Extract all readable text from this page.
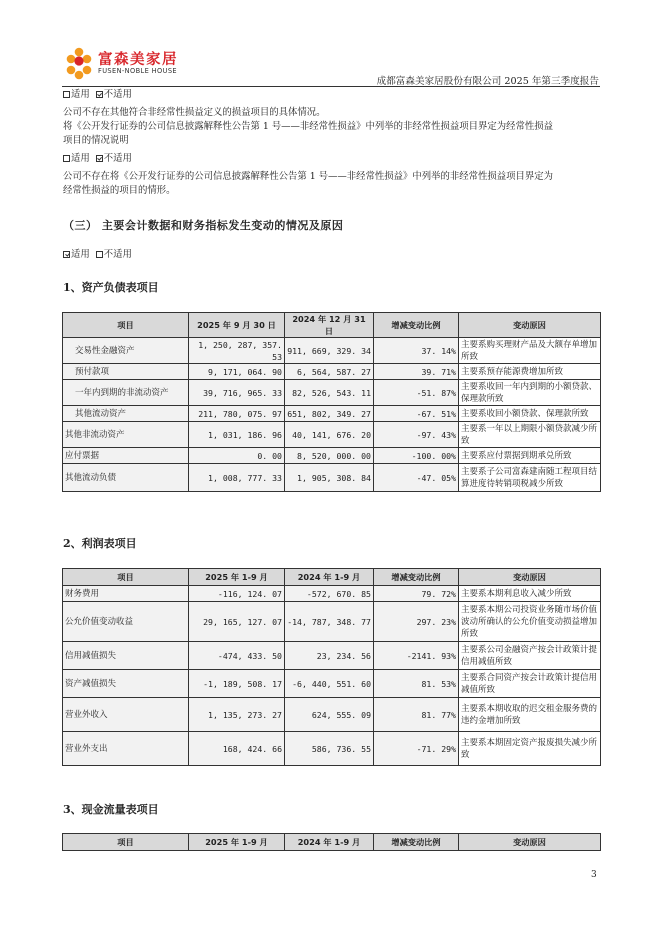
富森美家居
FUSEN-NOBLE HOUSE
成都富森美家居股份有限公司 2025 年第三季度报告
适用 不适用
公司不存在其他符合非经常性损益定义的损益项目的具体情况。
将《公开发行证券的公司信息披露解释性公告第 1 号——非经常性损益》中列举的非经常性损益项目界定为经常性损益
项目的情况说明
适用 不适用
公司不存在将《公开发行证券的公司信息披露解释性公告第 1 号——非经常性损益》中列举的非经常性损益项目界定为
经常性损益的项目的情形。
（三） 主要会计数据和财务指标发生变动的情况及原因
适用 不适用
1、资产负债表项目
项目	2025 年 9 月 30 日	2024 年 12 月 31 日	增减变动比例	变动原因
交易性金融资产	1, 250, 287, 357. 53	911, 669, 329. 34	37. 14%	主要系购买理财产品及大额存单增加所致
预付款项	9, 171, 064. 90	6, 564, 587. 27	39. 71%	主要系预存能源费增加所致
一年内到期的非流动资产	39, 716, 965. 33	82, 526, 543. 11	-51. 87%	主要系收回一年内到期的小额贷款、保理款所致
其他流动资产	211, 780, 075. 97	651, 802, 349. 27	-67. 51%	主要系收回小额贷款、保理款所致
其他非流动资产	1, 031, 186. 96	40, 141, 676. 20	-97. 43%	主要系一年以上期限小额贷款减少所致
应付票据	0. 00	8, 520, 000. 00	-100. 00%	主要系应付票据到期承兑所致
其他流动负债	1, 008, 777. 33	1, 905, 308. 84	-47. 05%	主要系子公司富森建南随工程项目结算进度待转销项税减少所致
2、利润表项目
项目	2025 年 1-9 月	2024 年 1-9 月	增减变动比例	变动原因
财务费用	-116, 124. 07	-572, 670. 85	79. 72%	主要系本期利息收入减少所致
公允价值变动收益	29, 165, 127. 07	-14, 787, 348. 77	297. 23%	主要系本期公司投资业务随市场价值波动所确认的公允价值变动损益增加所致
信用减值损失	-474, 433. 50	23, 234. 56	-2141. 93%	主要系公司金融资产按会计政策计提信用减值所致
资产减值损失	-1, 189, 508. 17	-6, 440, 551. 60	81. 53%	主要系合同资产按会计政策计提信用减值所致
营业外收入	1, 135, 273. 27	624, 555. 09	81. 77%	主要系本期收取的迟交租金服务费的违约金增加所致
营业外支出	168, 424. 66	586, 736. 55	-71. 29%	主要系本期固定资产报废损失减少所致
3、现金流量表项目
项目	2025 年 1-9 月	2024 年 1-9 月	增减变动比例	变动原因
3
